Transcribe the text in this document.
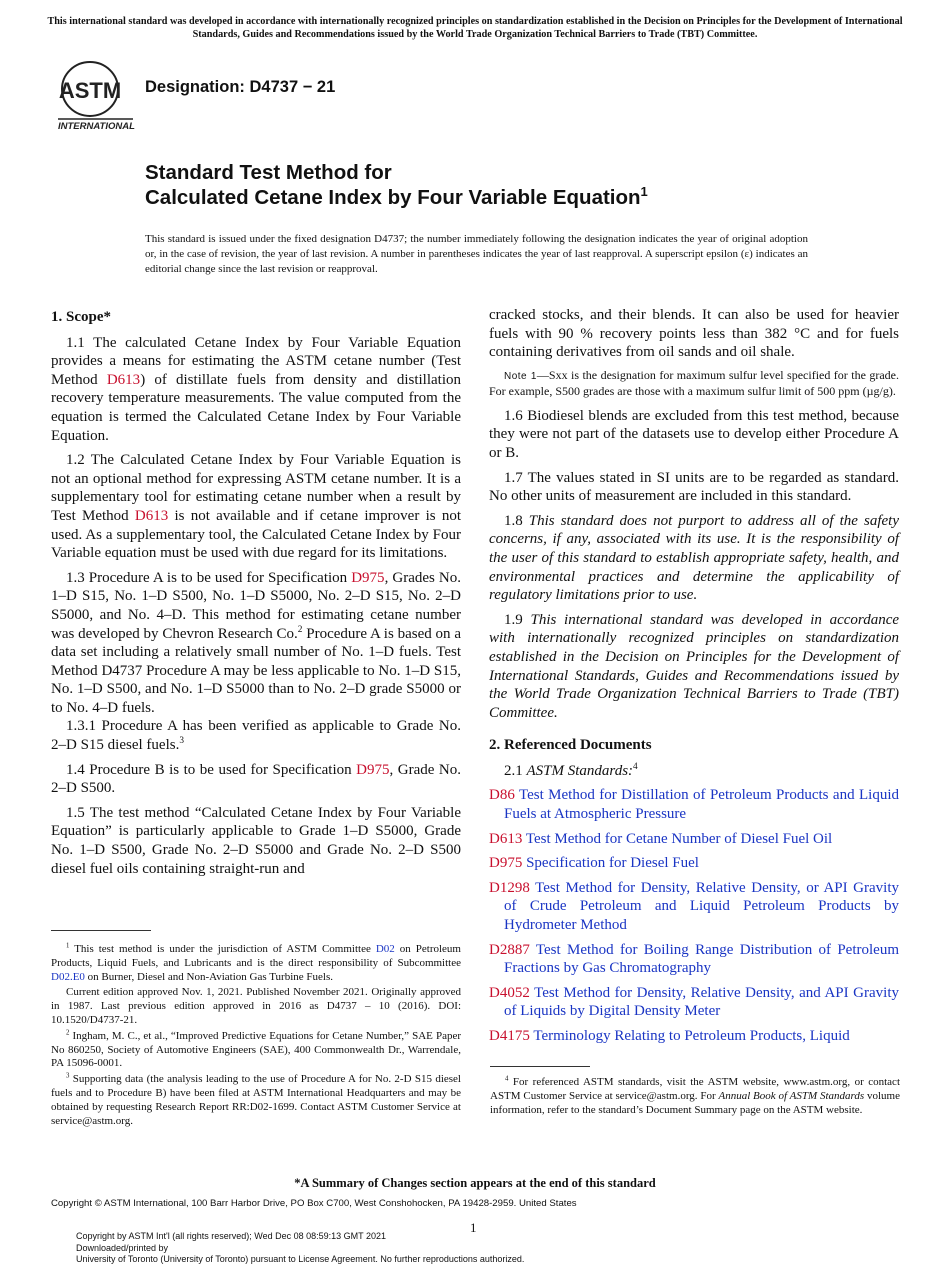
This international standard was developed in accordance with internationally recognized principles on standardization established in the Decision on Principles for the Development of International Standards, Guides and Recommendations issued by the World Trade Organization Technical Barriers to Trade (TBT) Committee.
ASTM
INTERNATIONAL
Designation: D4737 − 21
Standard Test Method for
Calculated Cetane Index by Four Variable Equation$^1$
This standard is issued under the fixed designation D4737; the number immediately following the designation indicates the year of original adoption or, in the case of revision, the year of last revision. A number in parentheses indicates the year of last reapproval. A superscript epsilon (ε) indicates an editorial change since the last revision or reapproval.
1. Scope*

1.1 The calculated Cetane Index by Four Variable Equation provides a means for estimating the ASTM cetane number (Test Method D613) of distillate fuels from density and distillation recovery temperature measurements. The value computed from the equation is termed the Calculated Cetane Index by Four Variable Equation.

1.2 The Calculated Cetane Index by Four Variable Equation is not an optional method for expressing ASTM cetane number. It is a supplementary tool for estimating cetane number when a result by Test Method D613 is not available and if cetane improver is not used. As a supplementary tool, the Calculated Cetane Index by Four Variable equation must be used with due regard for its limitations.

1.3 Procedure A is to be used for Specification D975, Grades No. 1–D S15, No. 1–D S500, No. 1–D S5000, No. 2–D S15, No. 2–D S5000, and No. 4–D. This method for estimating cetane number was developed by Chevron Research Co.$^2$ Procedure A is based on a data set including a relatively small number of No. 1–D fuels. Test Method D4737 Procedure A may be less applicable to No. 1–D S15, No. 1–D S500, and No. 1–D S5000 than to No. 2–D grade S5000 or to No. 4–D fuels.

1.3.1 Procedure A has been verified as applicable to Grade No. 2–D S15 diesel fuels.$^3$

1.4 Procedure B is to be used for Specification D975, Grade No. 2–D S500.

1.5 The test method “Calculated Cetane Index by Four Variable Equation” is particularly applicable to Grade 1–D S5000, Grade No. 1–D S500, Grade No. 2–D S5000 and Grade No. 2–D S500 diesel fuel oils containing straight-run and

$^1$ This test method is under the jurisdiction of ASTM Committee D02 on Petroleum Products, Liquid Fuels, and Lubricants and is the direct responsibility of Subcommittee D02.E0 on Burner, Diesel and Non-Aviation Gas Turbine Fuels.

Current edition approved Nov. 1, 2021. Published November 2021. Originally approved in 1987. Last previous edition approved in 2016 as D4737 – 10 (2016). DOI: 10.1520/D4737-21.

$^2$ Ingham, M. C., et al., “Improved Predictive Equations for Cetane Number,” SAE Paper No 860250, Society of Automotive Engineers (SAE), 400 Commonwealth Dr., Warrendale, PA 15096-0001.

$^3$ Supporting data (the analysis leading to the use of Procedure A for No. 2-D S15 diesel fuels and to Procedure B) have been filed at ASTM International Headquarters and may be obtained by requesting Research Report RR:D02-1699. Contact ASTM Customer Service at service@astm.org.

cracked stocks, and their blends. It can also be used for heavier fuels with 90 % recovery points less than 382 °C and for fuels containing derivatives from oil sands and oil shale.

Note 1—Sxx is the designation for maximum sulfur level specified for the grade. For example, S500 grades are those with a maximum sulfur limit of 500 ppm (µg/g).

1.6 Biodiesel blends are excluded from this test method, because they were not part of the datasets use to develop either Procedure A or B.

1.7 The values stated in SI units are to be regarded as standard. No other units of measurement are included in this standard.

1.8 This standard does not purport to address all of the safety concerns, if any, associated with its use. It is the responsibility of the user of this standard to establish appropriate safety, health, and environmental practices and determine the applicability of regulatory limitations prior to use.

1.9 This international standard was developed in accordance with internationally recognized principles on standardization established in the Decision on Principles for the Development of International Standards, Guides and Recommendations issued by the World Trade Organization Technical Barriers to Trade (TBT) Committee.

2. Referenced Documents

2.1 ASTM Standards:$^4$

D86 Test Method for Distillation of Petroleum Products and Liquid Fuels at Atmospheric Pressure

D613 Test Method for Cetane Number of Diesel Fuel Oil

D975 Specification for Diesel Fuel

D1298 Test Method for Density, Relative Density, or API Gravity of Crude Petroleum and Liquid Petroleum Products by Hydrometer Method

D2887 Test Method for Boiling Range Distribution of Petroleum Fractions by Gas Chromatography

D4052 Test Method for Density, Relative Density, and API Gravity of Liquids by Digital Density Meter

D4175 Terminology Relating to Petroleum Products, Liquid

$^4$ For referenced ASTM standards, visit the ASTM website, www.astm.org, or contact ASTM Customer Service at service@astm.org. For Annual Book of ASTM Standards volume information, refer to the standard’s Document Summary page on the ASTM website.

*A Summary of Changes section appears at the end of this standard
Copyright © ASTM International, 100 Barr Harbor Drive, PO Box C700, West Conshohocken, PA 19428-2959. United States
1
Copyright by ASTM Int'l (all rights reserved); Wed Dec 08 08:59:13 GMT 2021
Downloaded/printed by
University of Toronto (University of Toronto) pursuant to License Agreement. No further reproductions authorized.
